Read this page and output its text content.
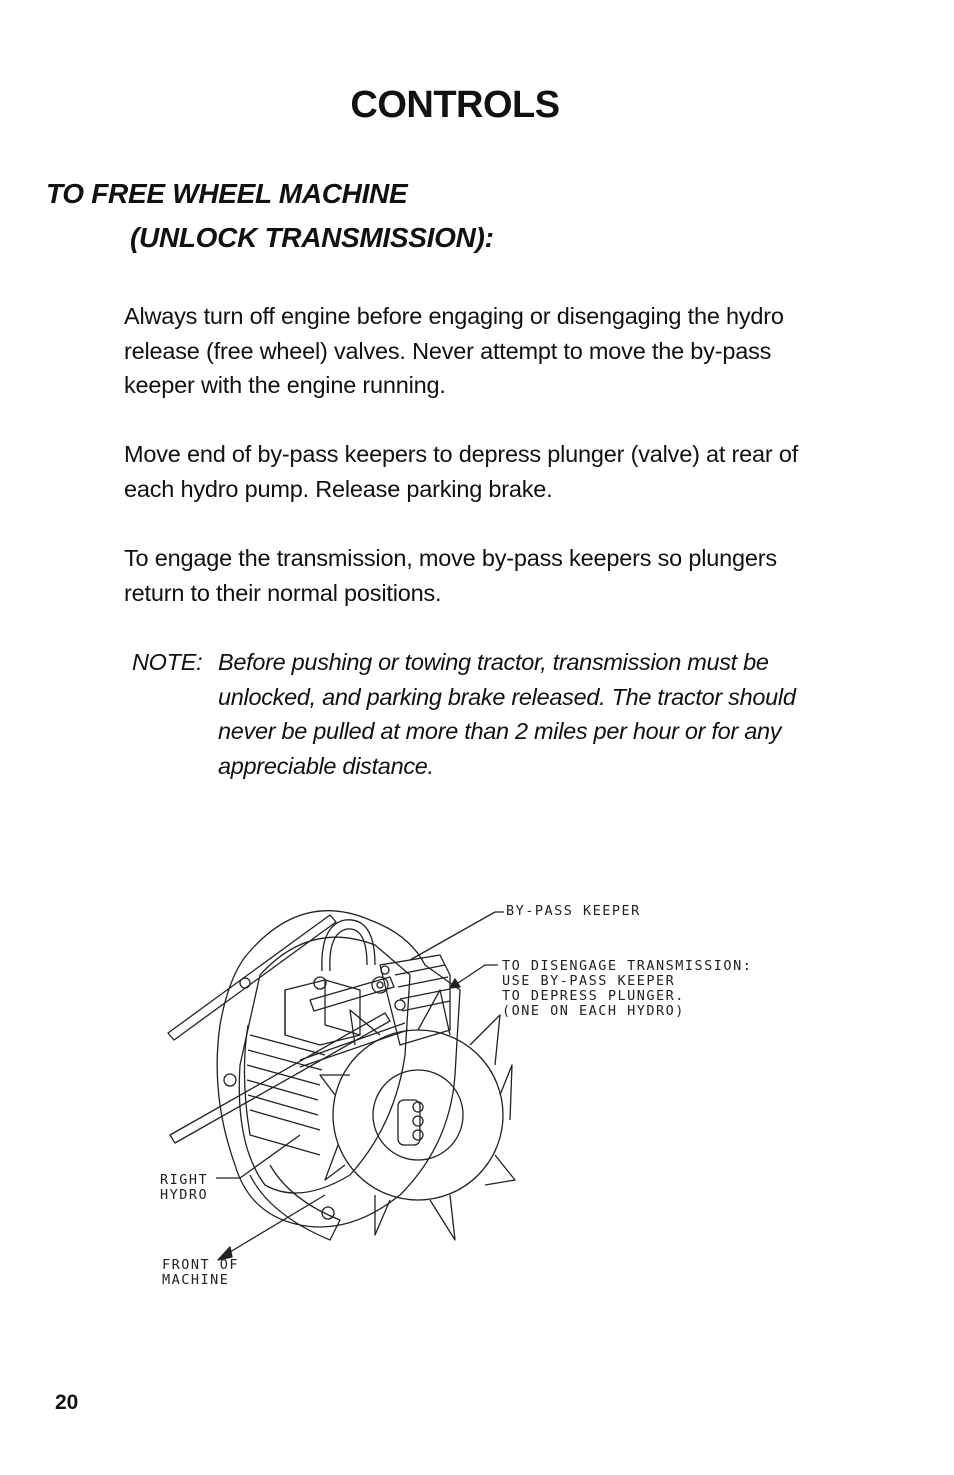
CONTROLS
TO FREE WHEEL MACHINE
(UNLOCK TRANSMISSION):

Always turn off engine before engaging or disengaging the hydro release (free wheel) valves. Never attempt to move the by-pass keeper with the engine running.

Move end of by-pass keepers to depress plunger (valve) at rear of each hydro pump. Release parking brake.

To engage the transmission, move by-pass keepers so plungers return to their normal positions.

NOTE: Before pushing or towing tractor, transmission must be unlocked, and parking brake released. The tractor should never be pulled at more than 2 miles per hour or for any appreciable distance.

BY-PASS KEEPER
TO DISENGAGE TRANSMISSION:
USE BY-PASS KEEPER
TO DEPRESS PLUNGER.
(ONE ON EACH HYDRO)
RIGHT
HYDRO
FRONT OF
MACHINE
20
